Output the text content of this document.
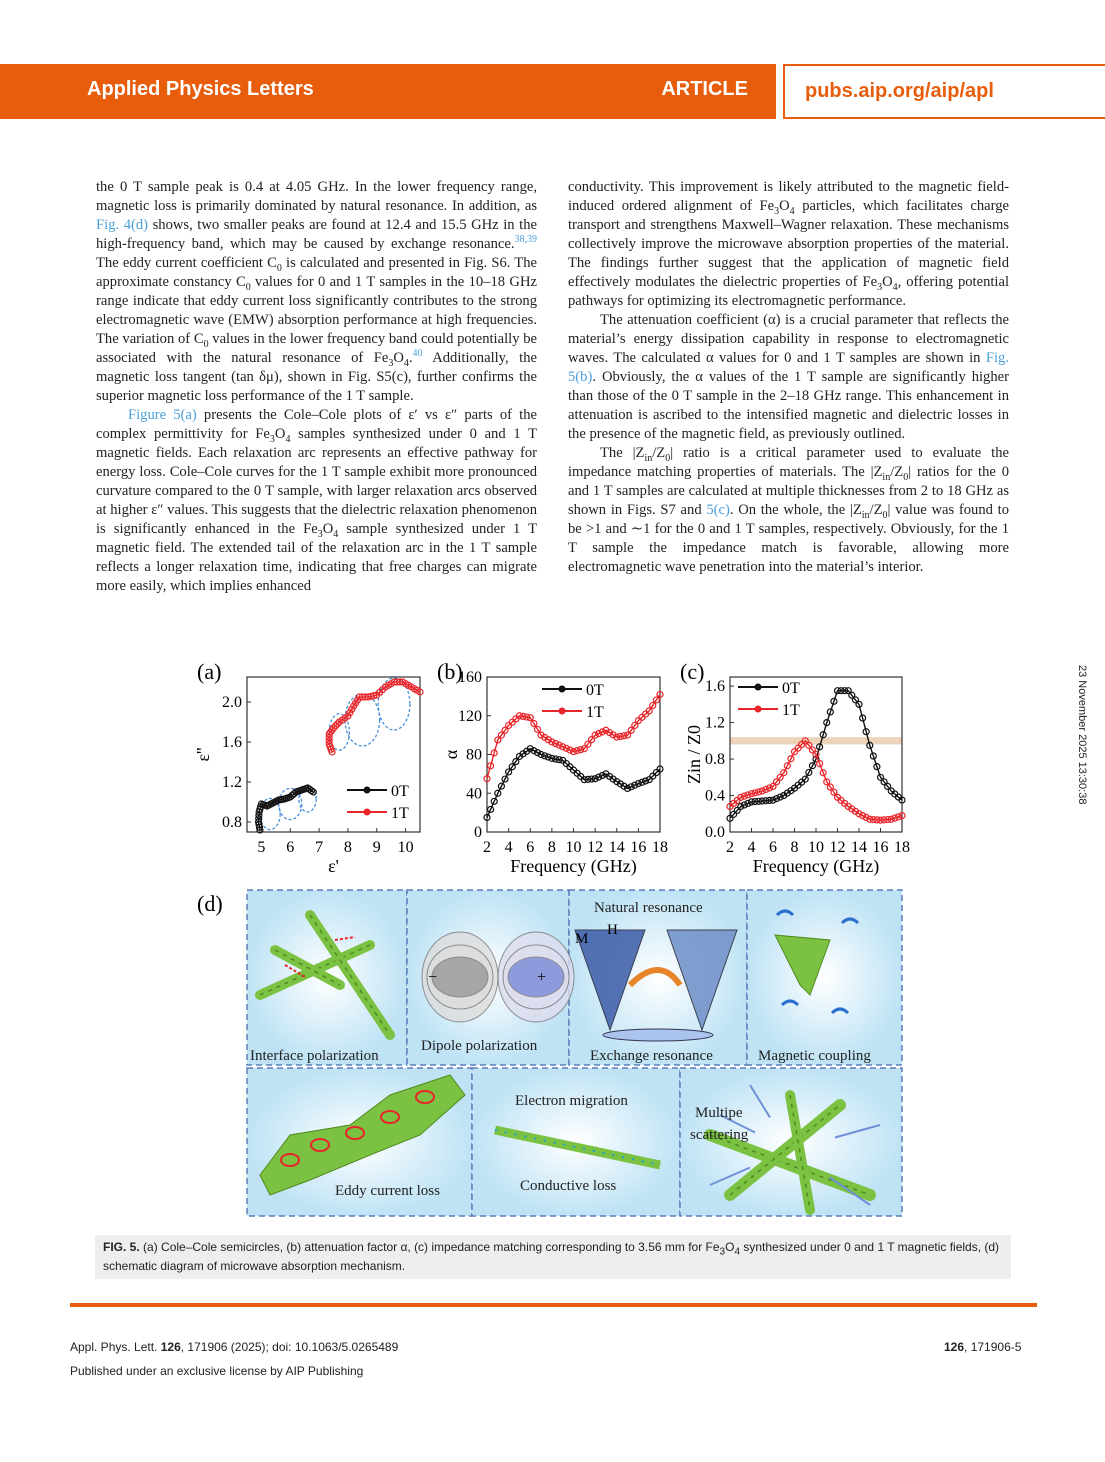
Applied Physics Letters	ARTICLE	pubs.aip.org/aip/apl
23 November 2025 13:30:38

the 0 T sample peak is 0.4 at 4.05 GHz. In the lower frequency range, magnetic loss is primarily dominated by natural resonance. In addition, as Fig. 4(d) shows, two smaller peaks are found at 12.4 and 15.5 GHz in the high-frequency band, which may be caused by exchange resonance.$^{38,39}$ The eddy current coefficient $C_0$ is calculated and presented in Fig. S6. The approximate constancy $C_0$ values for 0 and 1 T samples in the 10–18 GHz range indicate that eddy current loss significantly contributes to the strong electromagnetic wave (EMW) absorption performance at high frequencies. The variation of $C_0$ values in the lower frequency band could potentially be associated with the natural resonance of $Fe_3O_4.^{40}$ Additionally, the magnetic loss tangent (tan δμ), shown in Fig. S5(c), further confirms the superior magnetic loss performance of the 1 T sample.

Figure 5(a) presents the Cole–Cole plots of ε′ vs ε″ parts of the complex permittivity for $Fe_3O_4$ samples synthesized under 0 and 1 T magnetic fields. Each relaxation arc represents an effective pathway for energy loss. Cole–Cole curves for the 1 T sample exhibit more pronounced curvature compared to the 0 T sample, with larger relaxation arcs observed at higher ε″ values. This suggests that the dielectric relaxation phenomenon is significantly enhanced in the $Fe_3O_4$ sample synthesized under 1 T magnetic field. The extended tail of the relaxation arc in the 1 T sample reflects a longer relaxation time, indicating that free charges can migrate more easily, which implies enhanced

conductivity. This improvement is likely attributed to the magnetic field-induced ordered alignment of $Fe_3O_4$ particles, which facilitates charge transport and strengthens Maxwell–Wagner relaxation. These mechanisms collectively improve the microwave absorption properties of the material. The findings further suggest that the application of magnetic field effectively modulates the dielectric properties of $Fe_3O_4$, offering potential pathways for optimizing its electromagnetic performance.

The attenuation coefficient (α) is a crucial parameter that reflects the material’s energy dissipation capability in response to electromagnetic waves. The calculated α values for 0 and 1 T samples are shown in Fig. 5(b). Obviously, the α values of the 1 T sample are significantly higher than those of the 0 T sample in the 2–18 GHz range. This enhancement in attenuation is ascribed to the intensified magnetic and dielectric losses in the presence of the magnetic field, as previously outlined.

The $|Z_{in}/Z_0|$ ratio is a critical parameter used to evaluate the impedance matching properties of materials. The $|Z_{in}/Z_0|$ ratios for the 0 and 1 T samples are calculated at multiple thicknesses from 2 to 18 GHz as shown in Figs. S7 and 5(c). On the whole, the $|Z_{in}/Z_0|$ value was found to be >1 and ∼1 for the 0 and 1 T samples, respectively. Obviously, for the 1 T sample the impedance match is favorable, allowing more electromagnetic wave penetration into the material’s interior.

(a)
5 6 7 8 9 10
0.8
1.2
1.6
2.0
ε'
ε''
0T
1T
(b)
2 4 6 8 10 12 14 16 18
0
40
80
120
160
Frequency (GHz)
α
0T
1T
(c)
2 4 6 8 10 12 14 16 18
0.0
0.4
0.8
1.2
1.6
Frequency (GHz)
Zin / Z0
0T
1T
(d)
−	+
M
H
Interface polarization
Dipole polarization
Natural resonance
Exchange resonance	Magnetic coupling
Eddy current loss
Electron migration
Conductive loss
Multipe
scattering
FIG. 5. (a) Cole–Cole semicircles, (b) attenuation factor α, (c) impedance matching corresponding to 3.56 mm for $Fe_3O_4$ synthesized under 0 and 1 T magnetic fields, (d) schematic diagram of microwave absorption mechanism.
Appl. Phys. Lett. 126, 171906 (2025); doi: 10.1063/5.0265489
Published under an exclusive license by AIP Publishing
126, 171906-5
